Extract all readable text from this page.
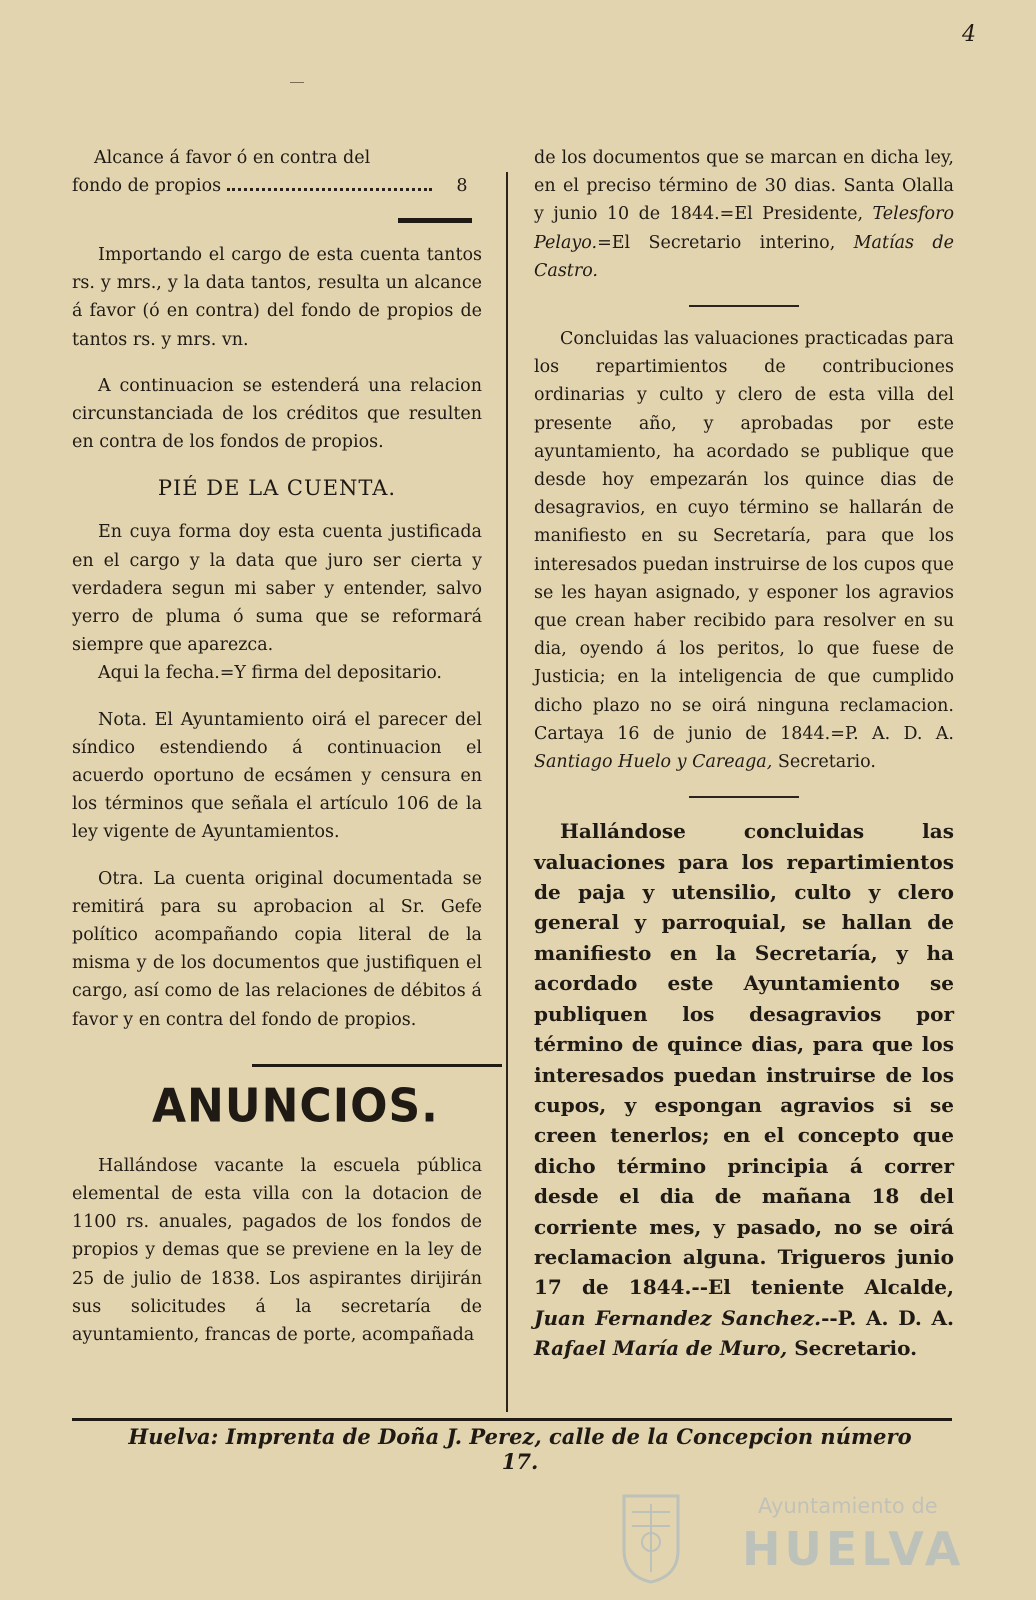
4
Alcance á favor ó en contra del
fondo de propios	8

Importando el cargo de esta cuenta tantos rs. y mrs., y la data tantos, resulta un alcance á favor (ó en contra) del fondo de propios de tantos rs. y mrs. vn.

A continuacion se estenderá una relacion circunstanciada de los créditos que resulten en contra de los fondos de propios.

PIÉ DE LA CUENTA.

En cuya forma doy esta cuenta justificada en el cargo y la data que juro ser cierta y verdadera segun mi saber y entender, salvo yerro de pluma ó suma que se reformará siempre que aparezca.

Aqui la fecha.=Y firma del depositario.

Nota. El Ayuntamiento oirá el parecer del síndico estendiendo á continuacion el acuerdo oportuno de ecsámen y censura en los términos que señala el artículo 106 de la ley vigente de Ayuntamientos.

Otra. La cuenta original documentada se remitirá para su aprobacion al Sr. Gefe político acompañando copia literal de la misma y de los documentos que justifiquen el cargo, así como de las relaciones de débitos á favor y en contra del fondo de propios.

ANUNCIOS.

Hallándose vacante la escuela pública elemental de esta villa con la dotacion de 1100 rs. anuales, pagados de los fondos de propios y demas que se previene en la ley de 25 de julio de 1838. Los aspirantes dirijirán sus solicitudes á la secretaría de ayuntamiento, francas de porte, acompañada

de los documentos que se marcan en dicha ley, en el preciso término de 30 dias. Santa Olalla y junio 10 de 1844.=El Presidente, Telesforo Pelayo.=El Secretario interino, Matías de Castro.

Concluidas las valuaciones practicadas para los repartimientos de contribuciones ordinarias y culto y clero de esta villa del presente año, y aprobadas por este ayuntamiento, ha acordado se publique que desde hoy empezarán los quince dias de desagravios, en cuyo término se hallarán de manifiesto en su Secretaría, para que los interesados puedan instruirse de los cupos que se les hayan asignado, y esponer los agravios que crean haber recibido para resolver en su dia, oyendo á los peritos, lo que fuese de Justicia; en la inteligencia de que cumplido dicho plazo no se oirá ninguna reclamacion. Cartaya 16 de junio de 1844.=P. A. D. A. Santiago Huelo y Careaga, Secretario.

Hallándose concluidas las valuaciones para los repartimientos de paja y utensilio, culto y clero general y parroquial, se hallan de manifiesto en la Secretaría, y ha acordado este Ayuntamiento se publiquen los desagravios por término de quince dias, para que los interesados puedan instruirse de los cupos, y espongan agravios si se creen tenerlos; en el concepto que dicho término principia á correr desde el dia de mañana 18 del corriente mes, y pasado, no se oirá reclamacion alguna. Trigueros junio 17 de 1844.--El teniente Alcalde, Juan Fernandez Sanchez.--P. A. D. A. Rafael María de Muro, Secretario.

Huelva: Imprenta de Doña J. Perez, calle de la Concepcion número 17.
Ayuntamiento de
HUELVA
